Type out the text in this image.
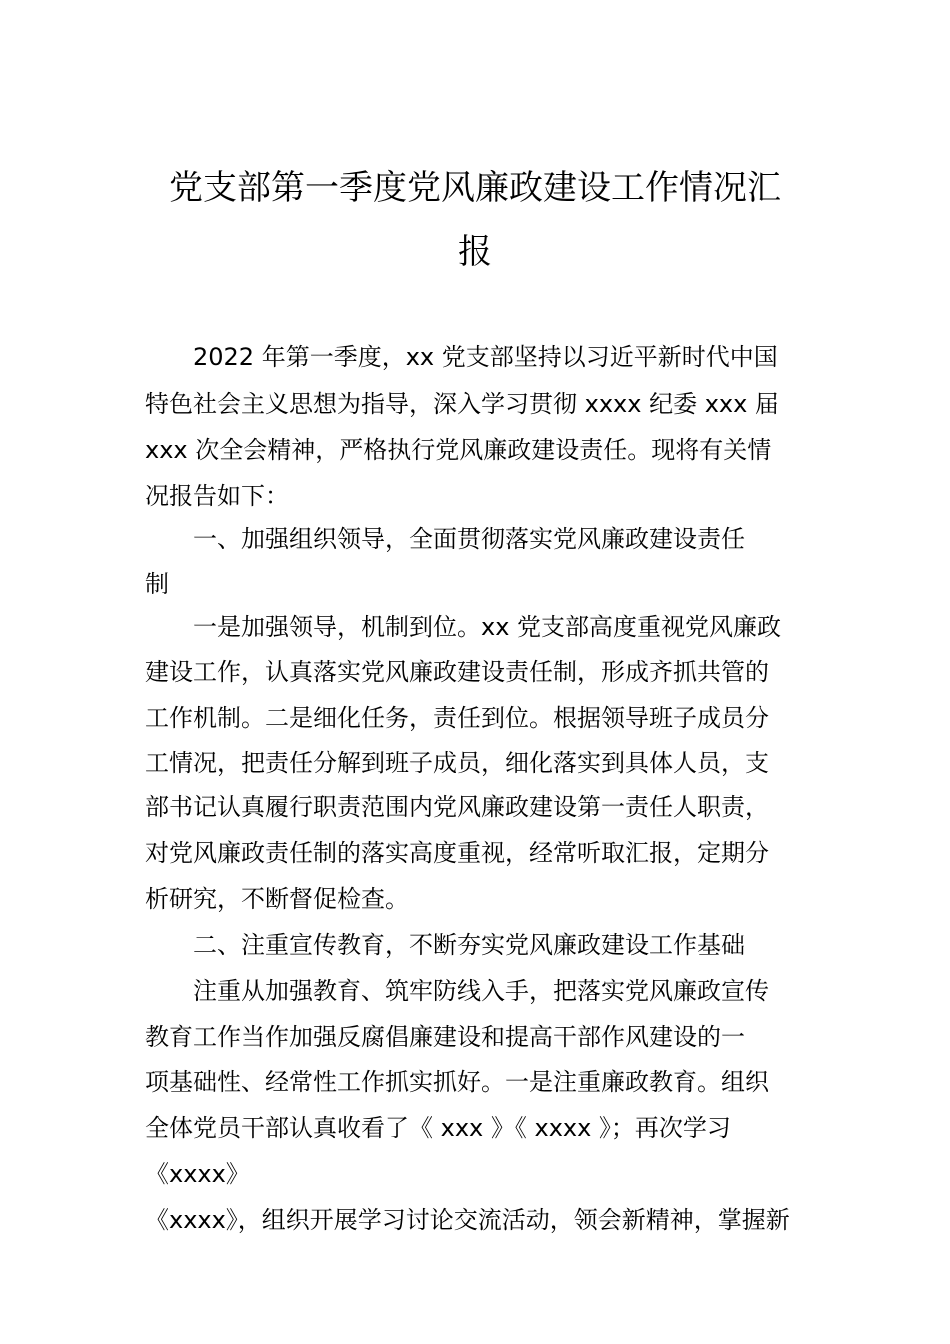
党支部第一季度党风廉政建设工作情况汇
报
2022 年第一季度，xx 党支部坚持以习近平新时代中国
特色社会主义思想为指导，深入学习贯彻 xxxx 纪委 xxx 届
xxx 次全会精神，严格执行党风廉政建设责任。现将有关情
况报告如下：
一、加强组织领导，全面贯彻落实党风廉政建设责任
制
一是加强领导，机制到位。xx 党支部高度重视党风廉政
建设工作，认真落实党风廉政建设责任制，形成齐抓共管的
工作机制。二是细化任务，责任到位。根据领导班子成员分
工情况，把责任分解到班子成员，细化落实到具体人员，支
部书记认真履行职责范围内党风廉政建设第一责任人职责，
对党风廉政责任制的落实高度重视，经常听取汇报，定期分
析研究，不断督促检查。
二、注重宣传教育，不断夯实党风廉政建设工作基础
注重从加强教育、筑牢防线入手，把落实党风廉政宣传
教育工作当作加强反腐倡廉建设和提高干部作风建设的一
项基础性、经常性工作抓实抓好。一是注重廉政教育。组织
全体党员干部认真收看了《 xxx 》《 xxxx 》；再次学习
《xxxx》
《xxxx》，组织开展学习讨论交流活动，领会新精神，掌握新
